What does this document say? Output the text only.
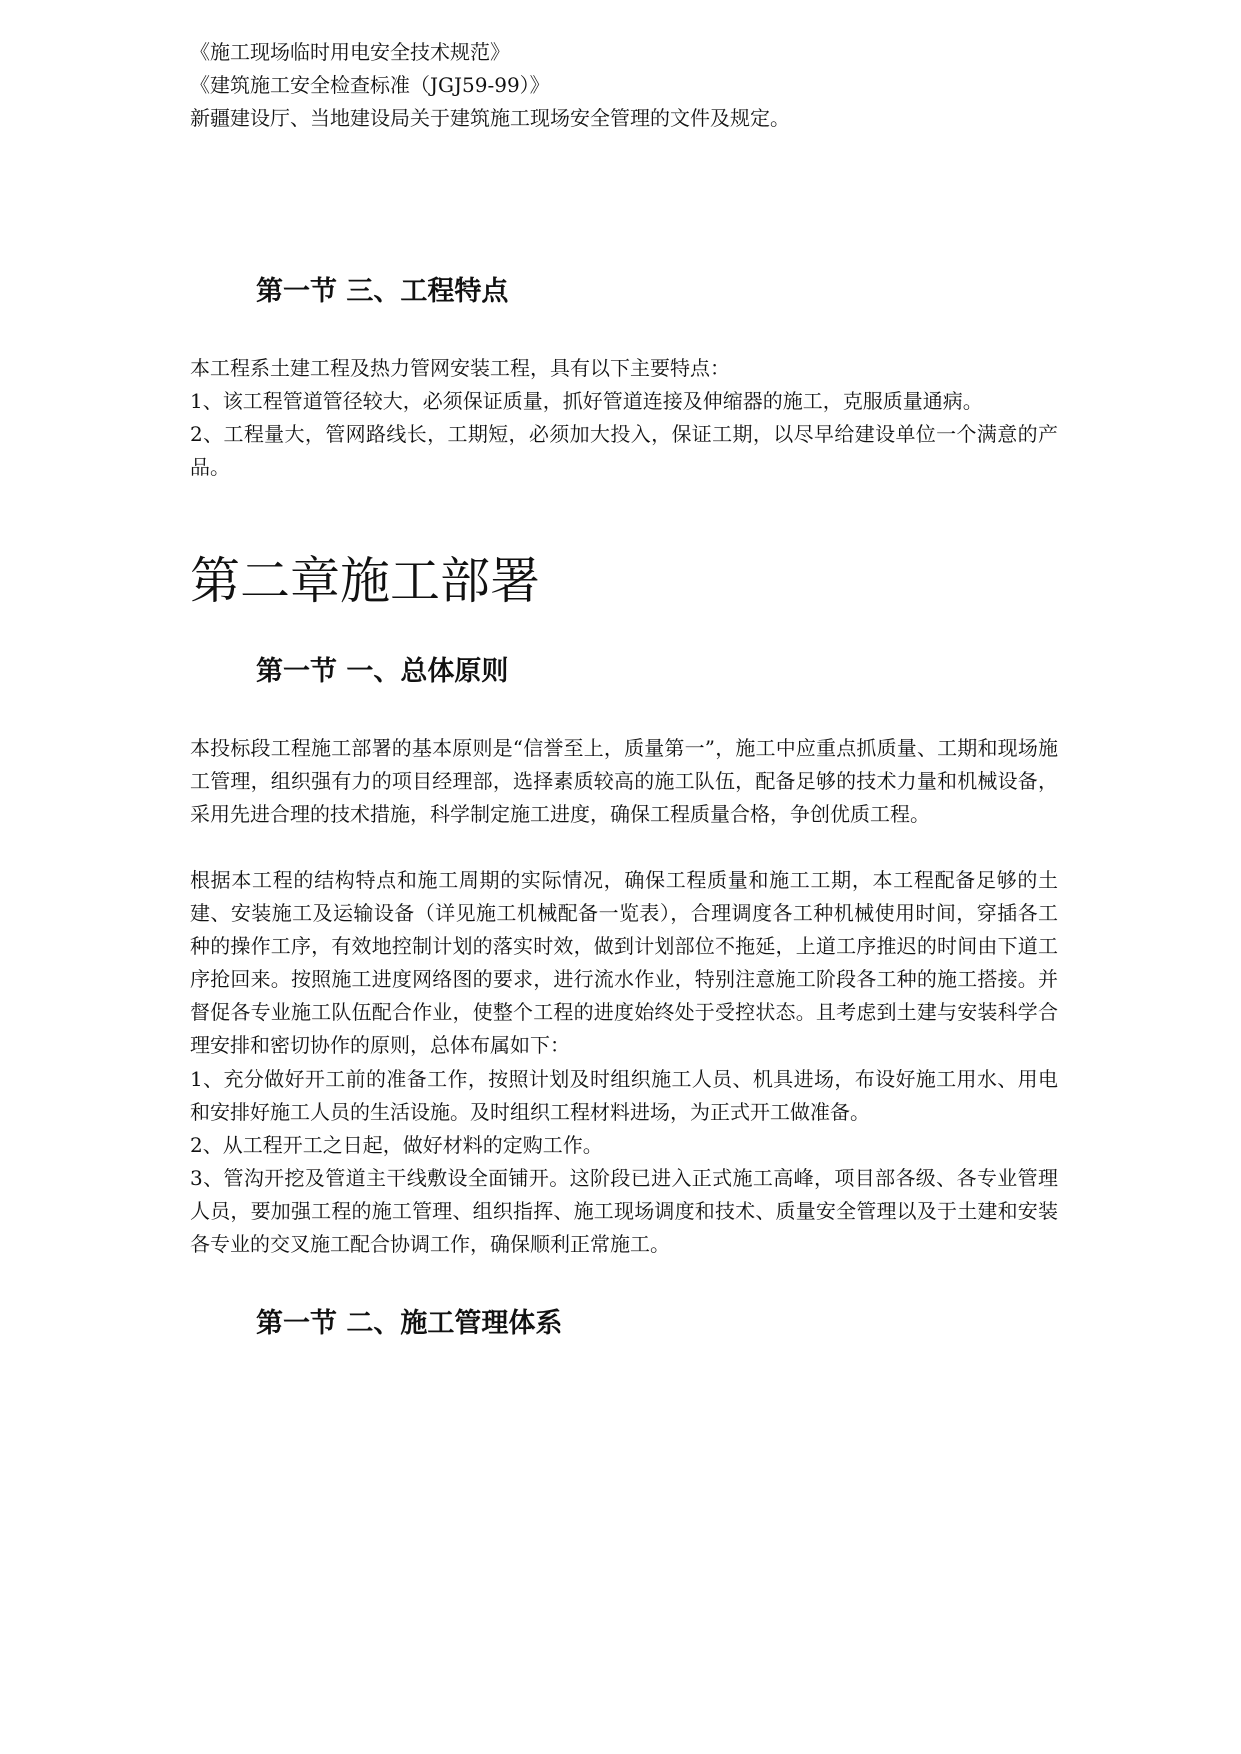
《施工现场临时用电安全技术规范》
《建筑施工安全检查标准（JGJ59-99）》
新疆建设厅、当地建设局关于建筑施工现场安全管理的文件及规定。
第一节 三、工程特点
本工程系土建工程及热力管网安装工程，具有以下主要特点：
1、该工程管道管径较大，必须保证质量，抓好管道连接及伸缩器的施工，克服质量通病。
2、工程量大，管网路线长，工期短，必须加大投入，保证工期，以尽早给建设单位一个满意的产品。
第二章施工部署
第一节 一、总体原则
本投标段工程施工部署的基本原则是“信誉至上，质量第一”，施工中应重点抓质量、工期和现场施工管理，组织强有力的项目经理部，选择素质较高的施工队伍，配备足够的技术力量和机械设备，采用先进合理的技术措施，科学制定施工进度，确保工程质量合格，争创优质工程。
根据本工程的结构特点和施工周期的实际情况，确保工程质量和施工工期，本工程配备足够的土建、安装施工及运输设备（详见施工机械配备一览表），合理调度各工种机械使用时间，穿插各工种的操作工序，有效地控制计划的落实时效，做到计划部位不拖延，上道工序推迟的时间由下道工序抢回来。按照施工进度网络图的要求，进行流水作业，特别注意施工阶段各工种的施工搭接。并督促各专业施工队伍配合作业，使整个工程的进度始终处于受控状态。且考虑到土建与安装科学合理安排和密切协作的原则，总体布属如下：
1、充分做好开工前的准备工作，按照计划及时组织施工人员、机具进场，布设好施工用水、用电和安排好施工人员的生活设施。及时组织工程材料进场，为正式开工做准备。
2、从工程开工之日起，做好材料的定购工作。
3、管沟开挖及管道主干线敷设全面铺开。这阶段已进入正式施工高峰，项目部各级、各专业管理人员，要加强工程的施工管理、组织指挥、施工现场调度和技术、质量安全管理以及于土建和安装各专业的交叉施工配合协调工作，确保顺利正常施工。
第一节 二、施工管理体系
